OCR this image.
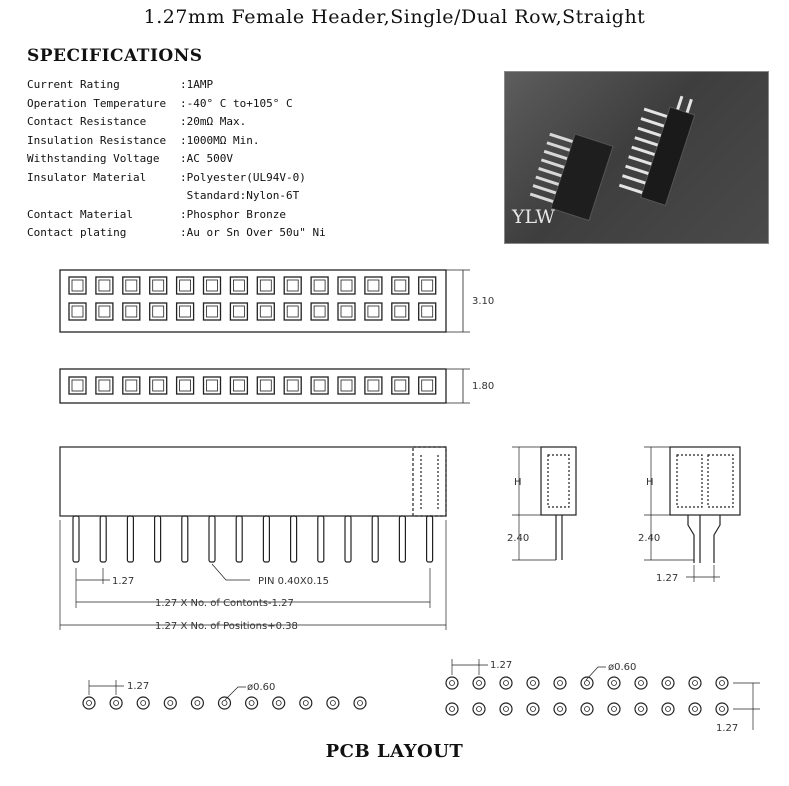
1.27mm Female Header,Single/Dual Row,Straight
SPECIFICATIONS
Current Rating	:1AMP
Operation Temperature :-40° C to+105° C
Contact Resistance	:20mΩ Max.
Insulation Resistance :1000MΩ Min.
Withstanding Voltage :AC 500V
Insulator Material	:Polyester(UL94V-0)
Standard:Nylon-6T
Contact Material	:Phosphor Bronze
Contact plating	:Au or Sn Over 50u" Ni
YLW
3.10
1.80
1.27	PIN 0.40X0.15
1.27 X No. of Contonts-1.27
1.27 X No. of Positions+0.38
H
2.40
H
2.40
1.27
1.27	ø0.60
1.27	ø0.60
1.27
PCB LAYOUT
